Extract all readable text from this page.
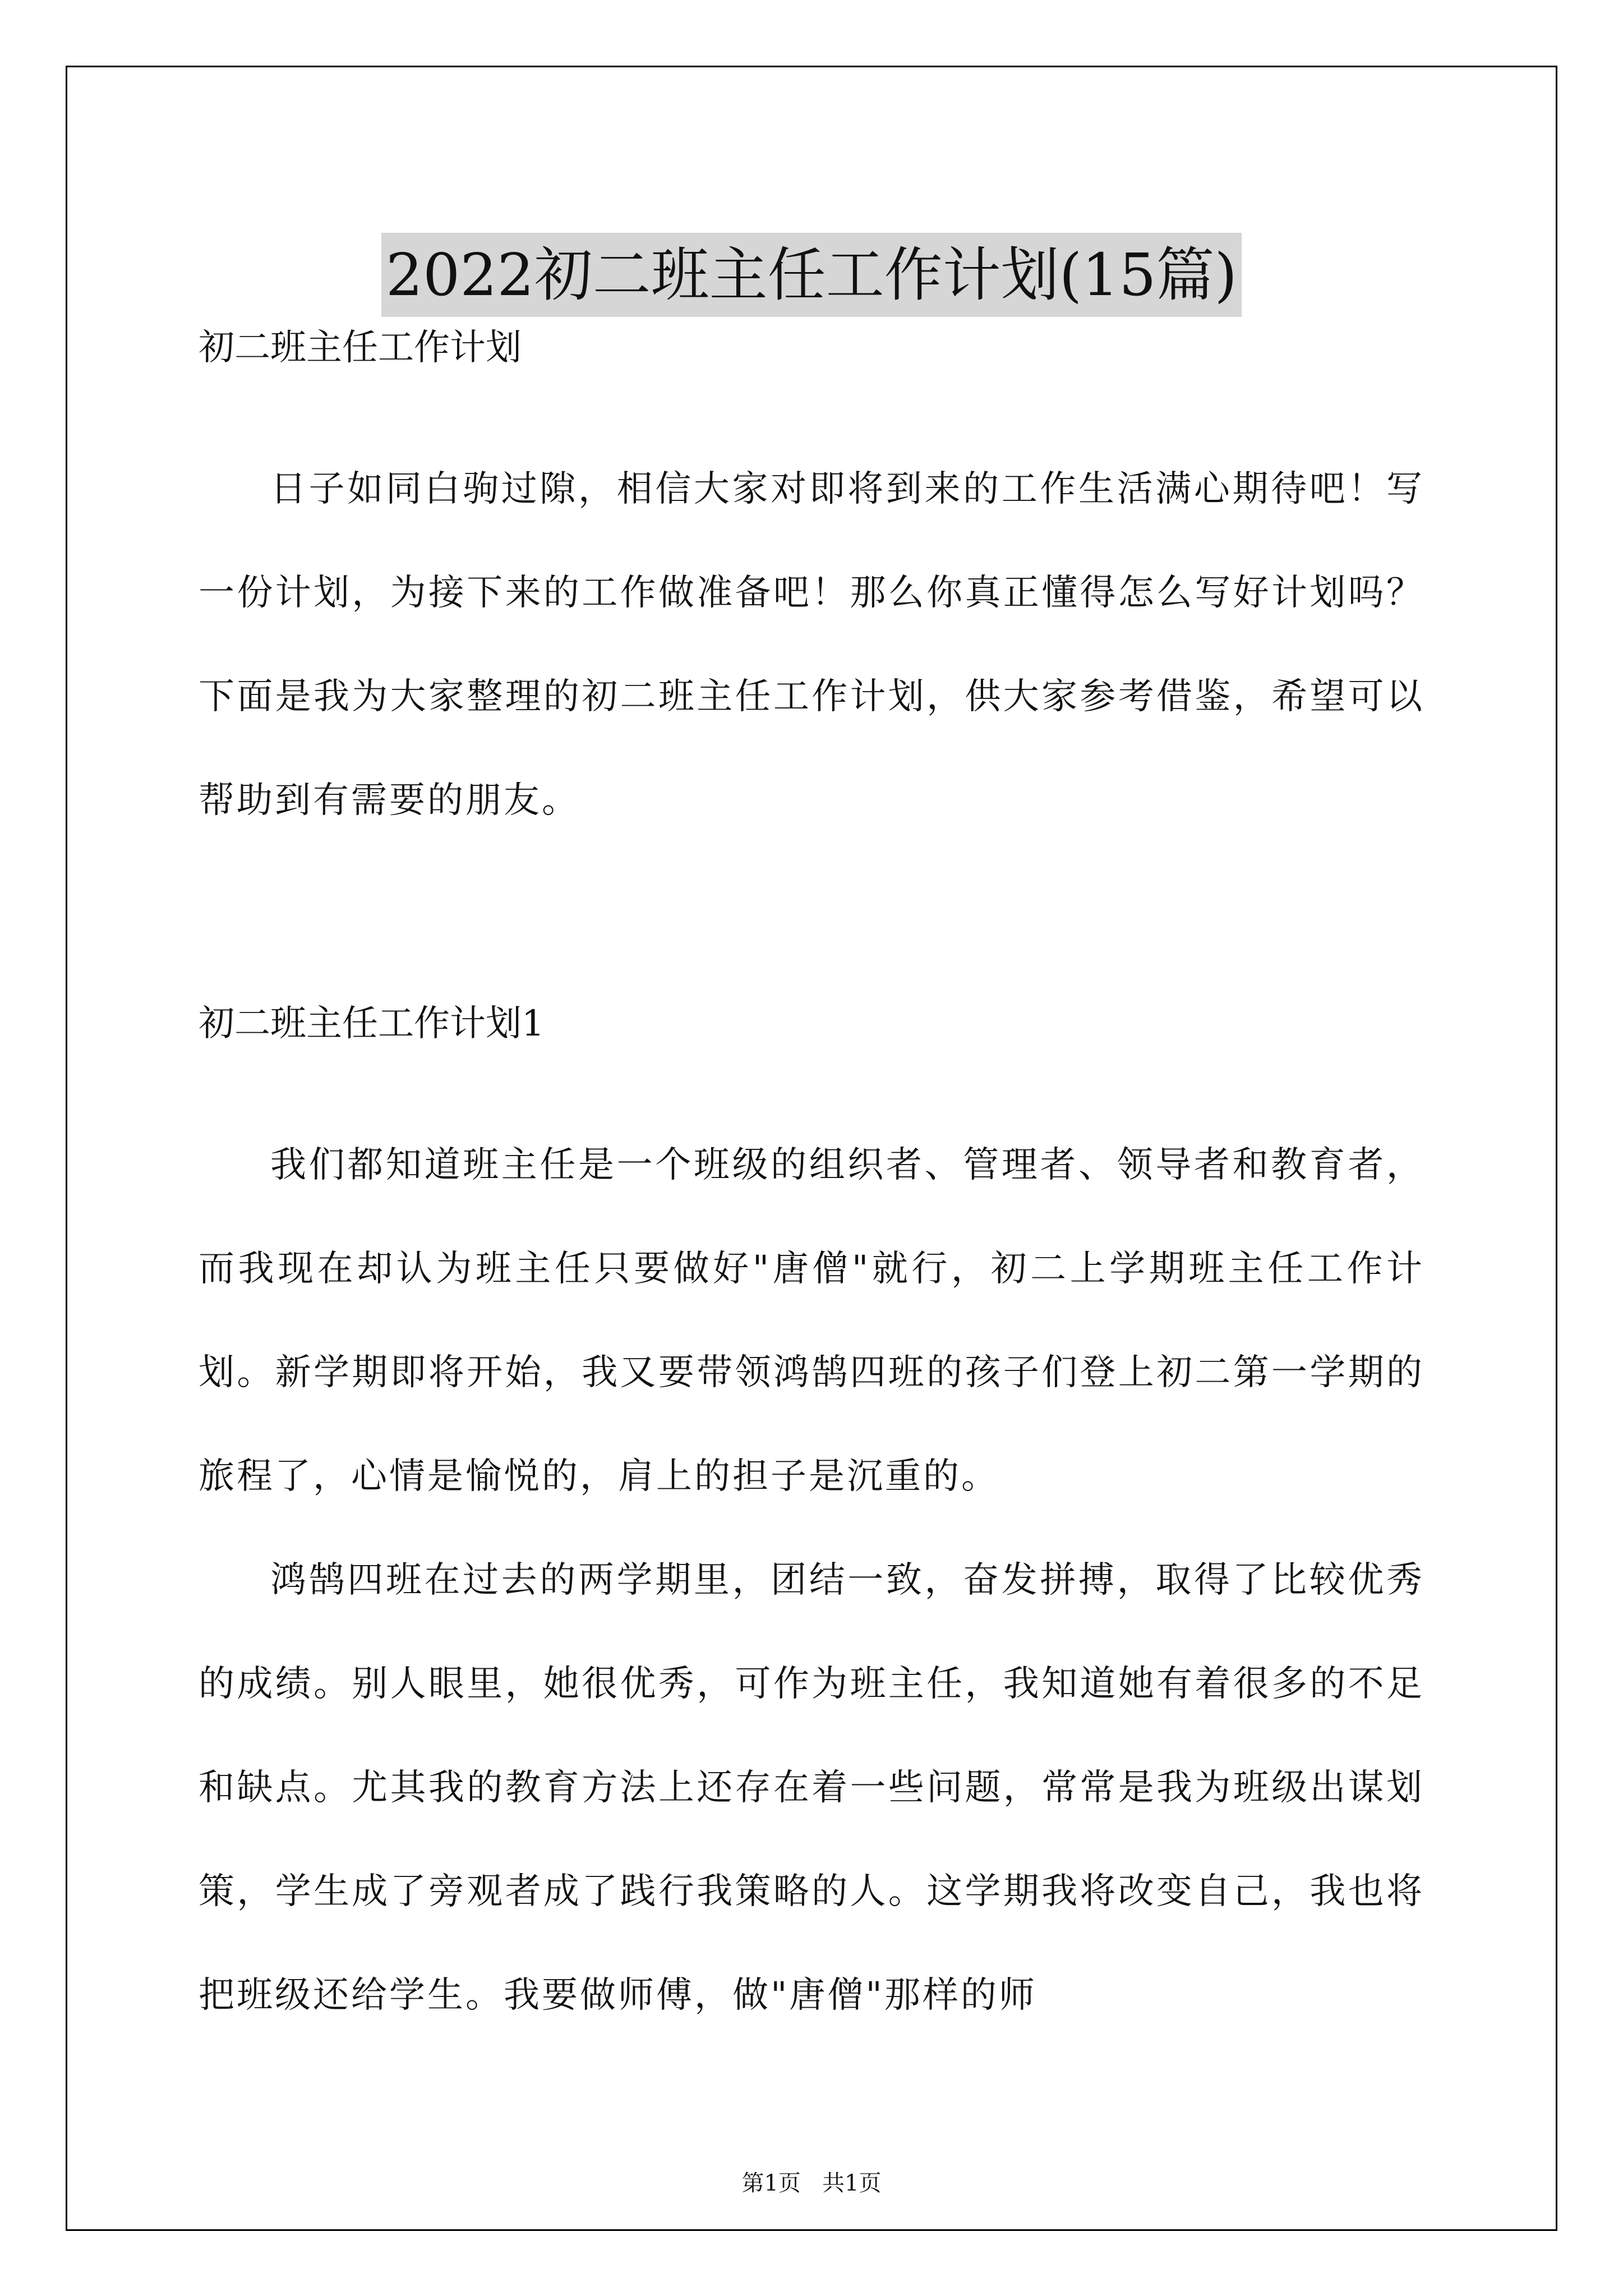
2022初二班主任工作计划(15篇)

初二班主任工作计划

日子如同白驹过隙，相信大家对即将到来的工作生活满心期待吧！写一份计划，为接下来的工作做准备吧！那么你真正懂得怎么写好计划吗？下面是我为大家整理的初二班主任工作计划，供大家参考借鉴，希望可以帮助到有需要的朋友。

初二班主任工作计划1

我们都知道班主任是一个班级的组织者、管理者、领导者和教育者，而我现在却认为班主任只要做好"唐僧"就行，初二上学期班主任工作计划。新学期即将开始，我又要带领鸿鹄四班的孩子们登上初二第一学期的旅程了，心情是愉悦的，肩上的担子是沉重的。

鸿鹄四班在过去的两学期里，团结一致，奋发拼搏，取得了比较优秀的成绩。别人眼里，她很优秀，可作为班主任，我知道她有着很多的不足和缺点。尤其我的教育方法上还存在着一些问题，常常是我为班级出谋划策，学生成了旁观者成了践行我策略的人。这学期我将改变自己，我也将把班级还给学生。我要做师傅，做"唐僧"那样的师

第1页   共1页
